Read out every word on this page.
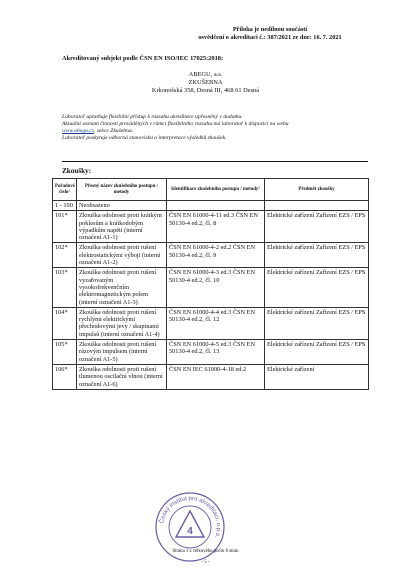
Příloha je nedílnou součástí
osvědčení o akreditaci č.: 387/2021 ze dne: 16. 7. 2021
Akreditovaný subjekt podle ČSN EN ISO/IEC 17025:2018:
ABEGU, a.s.
ZKUŠEBNA
Krkonošská 358, Desná III, 468 61 Desná
Laboratoř uplatňuje flexibilní přístup k rozsahu akreditace upřesněný v dodatku.
Aktuální seznam činností prováděných v rámci flexibilního rozsahu má laboratoř k dispozici na webu
www.abegu.cz, sekce Zkušebna.
Laboratoř poskytuje odborná stanoviska a interpretace výsledků zkoušek.
Zkoušky:
Pořadové číslo¹	Přesný název zkušebního postupu / metody	Identifikace zkušebního postupu / metody²	Předmět zkoušky
1 - 100	Neobsazeno		
101*	Zkouška odolnosti proti krátkým poklesům a krátkodobým výpadkům napětí (interní označení A1-1)	ČSN EN 61000-4-11 ed.3 ČSN EN 50130-4 ed.2, čl. 8	Elektrické zařízení Zařízení EZS / EPS
102*	Zkouška odolnosti proti rušení elektrostatickými výboji (interní označení A1-2)	ČSN EN 61000-4-2 ed.2 ČSN EN 50130-4 ed.2, čl. 9	Elektrické zařízení Zařízení EZS / EPS
103*	Zkouška odolnosti proti rušení vyzařovaným vysokofrekvenčním elektromagnetickým polem (interní označení A1-3)	ČSN EN 61000-4-3 ed.3 ČSN EN 50130-4 ed.2, čl. 10	Elektrické zařízení Zařízení EZS / EPS
104*	Zkouška odolnosti proti rušení rychlými elektrickými přechodovými jevy / skupinami impulsů (interní označení A1-4)	ČSN EN 61000-4-4 ed.3 ČSN EN 50130-4 ed.2, čl. 12	Elektrické zařízení Zařízení EZS / EPS
105*	Zkouška odolnosti proti rušení rázovým impulsem (interní označení A1-5)	ČSN EN 61000-4-5 ed.3 ČSN EN 50130-4 ed.2, čl. 13	Elektrické zařízení Zařízení EZS / EPS
106*	Zkouška odolnosti proti rušení tlumenou oscilační vlnou (interní označení A1-6)	ČSN EN IEC 61000-4-18 ed.2	Elektrické zařízení
Český institut pro akreditaci, o.p.s.
4
Strana 1 z celkového počtu 6 stran
- 5 -
